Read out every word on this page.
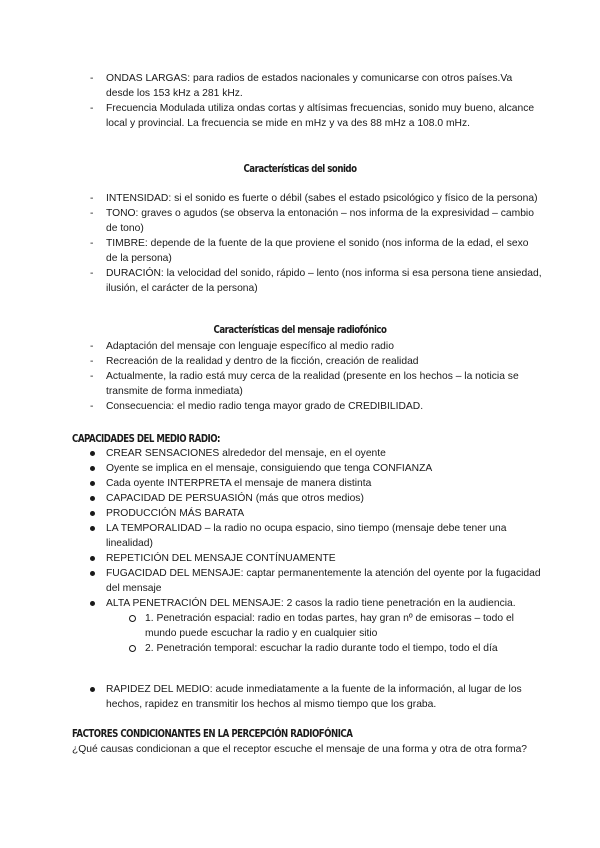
-	ONDAS LARGAS: para radios de estados nacionales y comunicarse con otros países.Va desde los 153 kHz a 281 kHz.

-	Frecuencia Modulada utiliza ondas cortas y altísimas frecuencias, sonido muy bueno, alcance local y provincial. La frecuencia se mide en mHz y va des 88 mHz a 108.0 mHz.

Características del sonido
-	INTENSIDAD: si el sonido es fuerte o débil (sabes el estado psicológico y físico de la persona)

-	TONO: graves o agudos (se observa la entonación – nos informa de la expresividad – cambio de tono)

-	TIMBRE: depende de la fuente de la que proviene el sonido (nos informa de la edad, el sexo de la persona)

-	DURACIÓN: la velocidad del sonido, rápido – lento (nos informa si esa persona tiene ansiedad, ilusión, el carácter de la persona)

Características del mensaje radiofónico
-	Adaptación del mensaje con lenguaje específico al medio radio

-	Recreación de la realidad y dentro de la ficción, creación de realidad

-	Actualmente, la radio está muy cerca de la realidad (presente en los hechos – la noticia se transmite de forma inmediata)

-	Consecuencia: el medio radio tenga mayor grado de CREDIBILIDAD.

CAPACIDADES DEL MEDIO RADIO:

CREAR SENSACIONES alrededor del mensaje, en el oyente

Oyente se implica en el mensaje, consiguiendo que tenga CONFIANZA

Cada oyente INTERPRETA el mensaje de manera distinta

CAPACIDAD DE PERSUASIÓN (más que otros medios)

PRODUCCIÓN MÁS BARATA

LA TEMPORALIDAD – la radio no ocupa espacio, sino tiempo (mensaje debe tener una linealidad)

REPETICIÓN DEL MENSAJE CONTÍNUAMENTE

FUGACIDAD DEL MENSAJE: captar permanentemente la atención del oyente por la fugacidad del mensaje

ALTA PENETRACIÓN DEL MENSAJE: 2 casos la radio tiene penetración en la audiencia.

1. Penetración espacial: radio en todas partes, hay gran nº de emisoras – todo el mundo puede escuchar la radio y en cualquier sitio

2. Penetración temporal: escuchar la radio durante todo el tiempo, todo el día

RAPIDEZ DEL MEDIO: acude inmediatamente a la fuente de la información, al lugar de los hechos, rapidez en transmitir los hechos al mismo tiempo que los graba.

FACTORES CONDICIONANTES EN LA PERCEPCIÓN RADIOFÓNICA
¿Qué causas condicionan a que el receptor escuche el mensaje de una forma y otra de otra forma?
